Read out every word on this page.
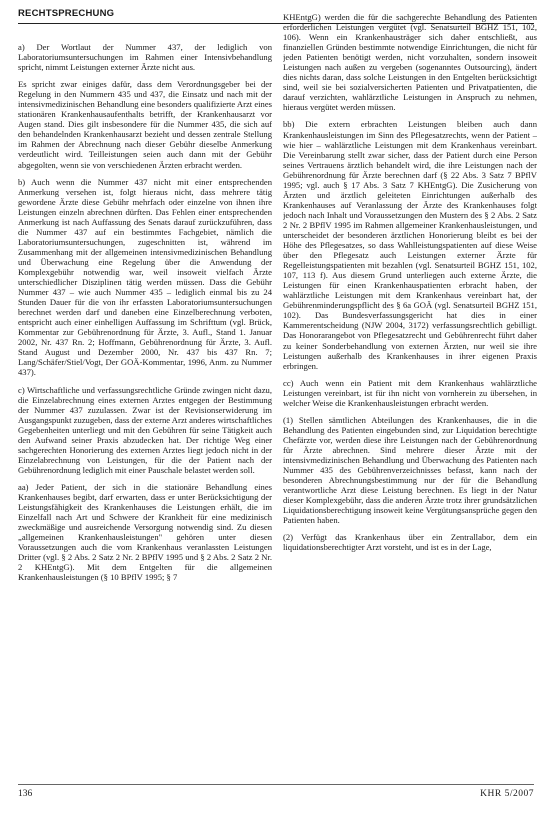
RECHTSPRECHUNG

a) Der Wortlaut der Nummer 437, der lediglich von Laboratoriumsuntersuchungen im Rahmen einer Intensivbehandlung spricht, nimmt Leistungen externer Ärzte nicht aus.

Es spricht zwar einiges dafür, dass dem Verordnungsgeber bei der Regelung in den Nummern 435 und 437, die Einsatz und nach mit der intensivmedizinischen Behandlung eine besonders qualifizierte Arzt eines stationären Krankenhausaufenthalts betrifft, der Krankenhausarzt vor Augen stand. Dies gilt insbesondere für die Nummer 435, die sich auf den behandelnden Krankenhausarzt bezieht und dessen zentrale Stellung im Rahmen der Abrechnung nach dieser Gebühr dieselbe Anmerkung verdeutlicht wird. Teilleistungen seien auch dann mit der Gebühr abgegolten, wenn sie von verschiedenen Ärzten erbracht werden.

b) Auch wenn die Nummer 437 nicht mit einer entsprechenden Anmerkung versehen ist, folgt hieraus nicht, dass mehrere tätig gewordene Ärzte diese Gebühr mehrfach oder einzelne von ihnen ihre Leistungen einzeln abrechnen dürften. Das Fehlen einer entsprechenden Anmerkung ist nach Auffassung des Senats darauf zurückzuführen, dass die Nummer 437 auf ein bestimmtes Fachgebiet, nämlich die Laboratoriumsuntersuchungen, zugeschnitten ist, während im Zusammenhang mit der allgemeinen intensivmedizinischen Behandlung und Überwachung eine Regelung über die Anwendung der Komplexgebühr notwendig war, weil insoweit vielfach Ärzte unterschiedlicher Disziplinen tätig werden müssen. Dass die Gebühr Nummer 437 – wie auch Nummer 435 – lediglich einmal bis zu 24 Stunden Dauer für die von ihr erfassten Laboratoriumsuntersuchungen berechnet werden darf und daneben eine Einzelberechnung verboten, entspricht auch einer einhelligen Auffassung im Schrifttum (vgl. Brück, Kommentar zur Gebührenordnung für Ärzte, 3. Aufl., Stand 1. Januar 2002, Nr. 437 Rn. 2; Hoffmann, Gebührenordnung für Ärzte, 3. Aufl. Stand August und Dezember 2000, Nr. 437 bis 437 Rn. 7; Lang/Schäfer/Stiel/Vogt, Der GOÄ-Kommentar, 1996, Anm. zu Nummer 437).

c) Wirtschaftliche und verfassungsrechtliche Gründe zwingen nicht dazu, die Einzelabrechnung eines externen Arztes entgegen der Bestimmung der Nummer 437 zuzulassen. Zwar ist der Revisionserwiderung im Ausgangspunkt zuzugeben, dass der externe Arzt anderes wirtschaftliches Gegebenheiten unterliegt und mit den Gebühren für seine Tätigkeit auch den Aufwand seiner Praxis abzudecken hat. Der richtige Weg einer sachgerechten Honorierung des externen Arztes liegt jedoch nicht in der Einzelabrechnung von Leistungen, für die der Patient nach der Gebührenordnung lediglich mit einer Pauschale belastet werden soll.

aa) Jeder Patient, der sich in die stationäre Behandlung eines Krankenhauses begibt, darf erwarten, dass er unter Berücksichtigung der Leistungsfähigkeit des Krankenhauses die Leistungen erhält, die im Einzelfall nach Art und Schwere der Krankheit für eine medizinisch zweckmäßige und ausreichende Versorgung notwendig sind. Zu diesen „allgemeinen Krankenhausleistungen" gehören unter diesen Voraussetzungen auch die vom Krankenhaus veranlassten Leistungen Dritter (vgl. § 2 Abs. 2 Satz 2 Nr. 2 BPflV 1995 und § 2 Abs. 2 Satz 2 Nr. 2 KHEntgG). Mit dem Entgelten für die allgemeinen Krankenhausleistungen (§ 10 BPflV 1995; § 7

KHEntgG) werden die für die sachgerechte Behandlung des Patienten erforderlichen Leistungen vergütet (vgl. Senatsurteil BGHZ 151, 102, 106). Wenn ein Krankenhausträger sich daher entschließt, aus finanziellen Gründen bestimmte notwendige Einrichtungen, die nicht für jeden Patienten benötigt werden, nicht vorzuhalten, sondern insoweit Leistungen nach außen zu vergeben (sogenanntes Outsourcing), ändert dies nichts daran, dass solche Leistungen in den Entgelten berücksichtigt sind, weil sie bei sozialversicherten Patienten und Privatpatienten, die darauf verzichten, wahlärztliche Leistungen in Anspruch zu nehmen, hieraus vergütet werden müssen.

bb) Die extern erbrachten Leistungen bleiben auch dann Krankenhausleistungen im Sinn des Pflegesatzrechts, wenn der Patient – wie hier – wahlärztliche Leistungen mit dem Krankenhaus vereinbart. Die Vereinbarung stellt zwar sicher, dass der Patient durch eine Person seines Vertrauens ärztlich behandelt wird, die ihre Leistungen nach der Gebührenordnung für Ärzte berechnen darf (§ 22 Abs. 3 Satz 7 BPflV 1995; vgl. auch § 17 Abs. 3 Satz 7 KHEntgG). Die Zusicherung von Ärzten und ärztlich geleiteten Einrichtungen außerhalb des Krankenhauses auf Veranlassung der Ärzte des Krankenhauses folgt jedoch nach Inhalt und Voraussetzungen den Mustern des § 2 Abs. 2 Satz 2 Nr. 2 BPflV 1995 im Rahmen allgemeiner Krankenhausleistungen, und unterscheidet der besonderen ärztlichen Honorierung bleibt es bei der Höhe des Pflegesatzes, so dass Wahlleistungspatienten auf diese Weise über den Pflegesatz auch Leistungen externer Ärzte für Regelleistungspatienten mit bezahlen (vgl. Senatsurteil BGHZ 151, 102, 107, 113 f). Aus diesem Grund unterliegen auch externe Ärzte, die Leistungen für einen Krankenhauspatienten erbracht haben, der wahlärztliche Leistungen mit dem Krankenhaus vereinbart hat, der Gebührenminderungspflicht des § 6a GOÄ (vgl. Senatsurteil BGHZ 151, 102). Das Bundesverfassungsgericht hat dies in einer Kammerentscheidung (NJW 2004, 3172) verfassungsrechtlich gebilligt. Das Honorarangebot von Pflegesatzrecht und Gebührenrecht führt daher zu keiner Sonderbehandlung von externen Ärzten, nur weil sie ihre Leistungen außerhalb des Krankenhauses in ihrer eigenen Praxis erbringen.

cc) Auch wenn ein Patient mit dem Krankenhaus wahlärztliche Leistungen vereinbart, ist für ihn nicht von vornherein zu übersehen, in welcher Weise die Krankenhausleistungen erbracht werden.

(1) Stellen sämtlichen Abteilungen des Krankenhauses, die in die Behandlung des Patienten eingebunden sind, zur Liquidation berechtigte Chefärzte vor, werden diese ihre Leistungen nach der Gebührenordnung für Ärzte abrechnen. Sind mehrere dieser Ärzte mit der intensivmedizinischen Behandlung und Überwachung des Patienten nach Nummer 435 des Gebührenverzeichnisses befasst, kann nach der besonderen Abrechnungsbestimmung nur der für die Behandlung verantwortliche Arzt diese Leistung berechnen. Es liegt in der Natur dieser Komplexgebühr, dass die anderen Ärzte trotz ihrer grundsätzlichen Liquidationsberechtigung insoweit keine Vergütungsansprüche gegen den Patienten haben.

(2) Verfügt das Krankenhaus über ein Zentrallabor, dem ein liquidationsberechtigter Arzt vorsteht, und ist es in der Lage,

136	KHR 5/2007
